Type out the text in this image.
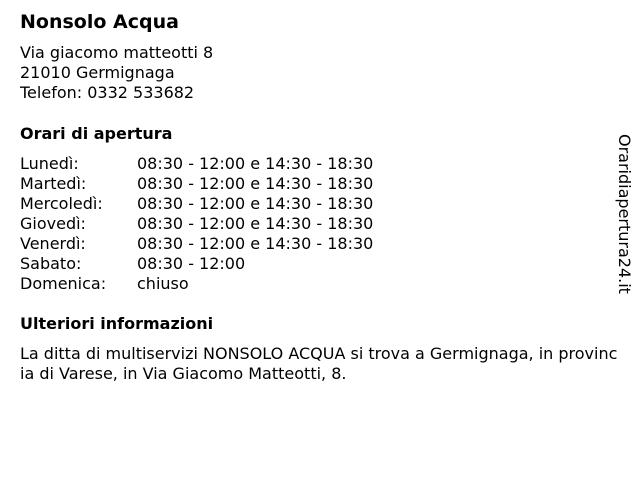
Nonsolo Acqua
Via giacomo matteotti 8
21010 Germignaga
Telefon: 0332 533682
Orari di apertura
Lunedì:	08:30 - 12:00 e 14:30 - 18:30
Martedì:	08:30 - 12:00 e 14:30 - 18:30
Mercoledì: 08:30 - 12:00 e 14:30 - 18:30
Giovedì:	08:30 - 12:00 e 14:30 - 18:30
Venerdì:	08:30 - 12:00 e 14:30 - 18:30
Sabato:	08:30 - 12:00
Domenica: chiuso
Ulteriori informazioni
La ditta di multiservizi NONSOLO ACQUA si trova a Germignaga, in provincia di Varese, in Via Giacomo Matteotti, 8.
Oraridiapertura24.it
